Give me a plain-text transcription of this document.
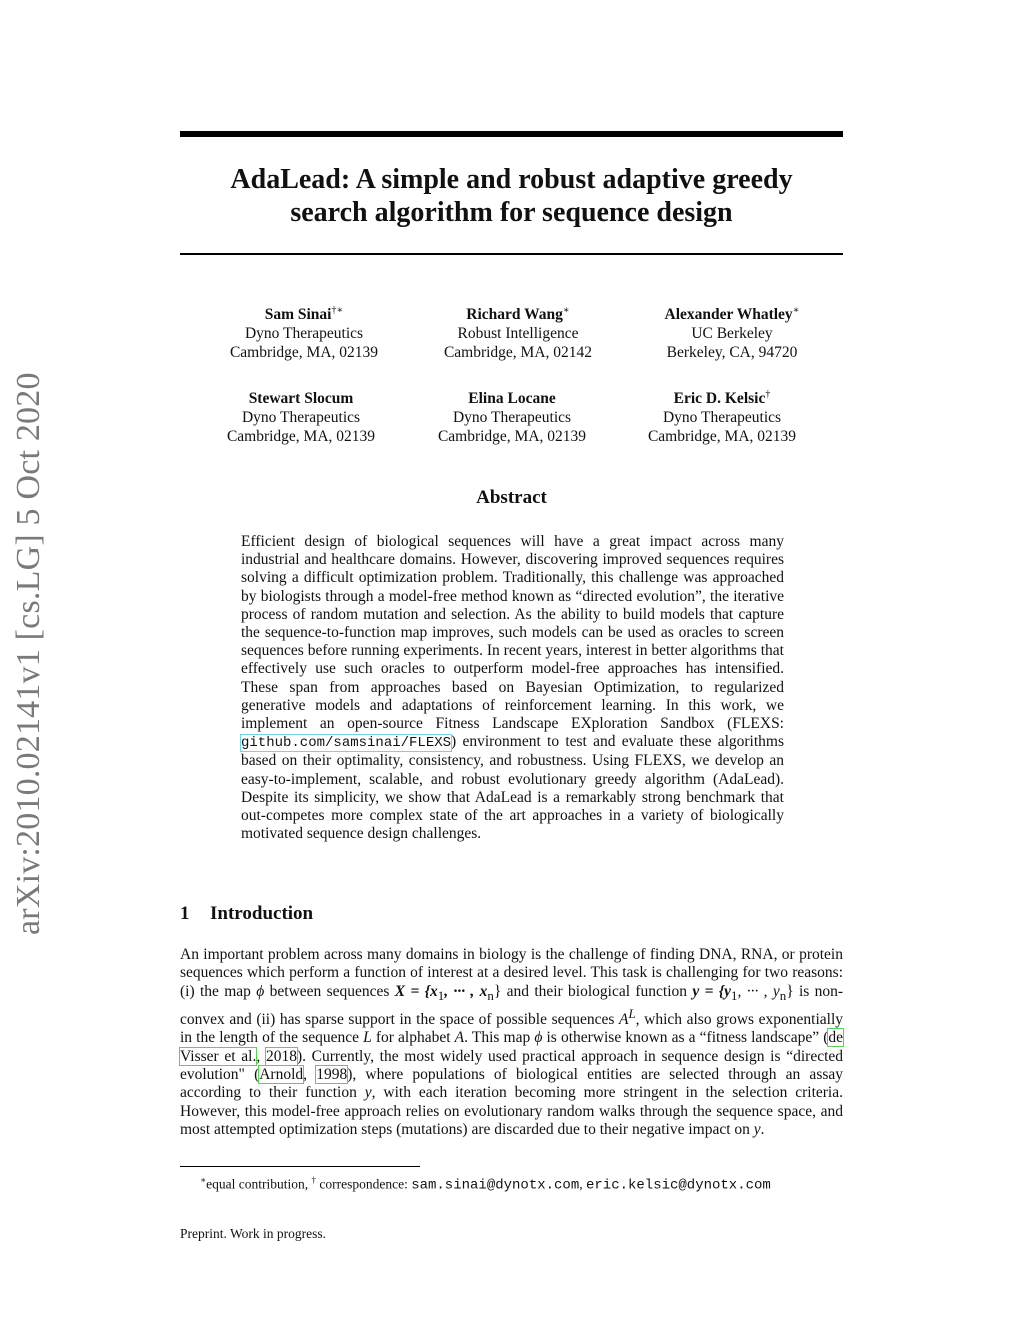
arXiv:2010.02141v1 [cs.LG] 5 Oct 2020
AdaLead: A simple and robust adaptive greedy
search algorithm for sequence design
Sam Sinai†∗
Dyno Therapeutics
Cambridge, MA, 02139
Richard Wang∗
Robust Intelligence
Cambridge, MA, 02142
Alexander Whatley∗
UC Berkeley
Berkeley, CA, 94720
Stewart Slocum
Dyno Therapeutics
Cambridge, MA, 02139
Elina Locane
Dyno Therapeutics
Cambridge, MA, 02139
Eric D. Kelsic†
Dyno Therapeutics
Cambridge, MA, 02139
Abstract
Efficient design of biological sequences will have a great impact across many industrial and healthcare domains. However, discovering improved sequences requires solving a difficult optimization problem. Traditionally, this challenge was approached by biologists through a model-free method known as “directed evolution”, the iterative process of random mutation and selection. As the ability to build models that capture the sequence-to-function map improves, such models can be used as oracles to screen sequences before running experiments. In recent years, interest in better algorithms that effectively use such oracles to outperform model-free approaches has intensified. These span from approaches based on Bayesian Optimization, to regularized generative models and adaptations of reinforcement learning. In this work, we implement an open-source Fitness Landscape EXploration Sandbox (FLEXS: github.com/samsinai/FLEXS) environment to test and evaluate these algorithms based on their optimality, consistency, and robustness. Using FLEXS, we develop an easy-to-implement, scalable, and robust evolutionary greedy algorithm (AdaLead). Despite its simplicity, we show that AdaLead is a remarkably strong benchmark that out-competes more complex state of the art approaches in a variety of biologically motivated sequence design challenges.
1 Introduction
An important problem across many domains in biology is the challenge of finding DNA, RNA, or protein sequences which perform a function of interest at a desired level. This task is challenging for two reasons: (i) the map ϕ between sequences $X = \{x_1$, ··· , $x_n$} and their biological function $y = \{y_1$, ··· , $y_n$} is non-convex and (ii) has sparse support in the space of possible sequences $A^L$, which also grows exponentially in the length of the sequence L for alphabet A. This map ϕ is otherwise known as a “fitness landscape” (de Visser et al., 2018). Currently, the most widely used practical approach in sequence design is “directed evolution" (Arnold, 1998), where populations of biological entities are selected through an assay according to their function y, with each iteration becoming more stringent in the selection criteria. However, this model-free approach relies on evolutionary random walks through the sequence space, and most attempted optimization steps (mutations) are discarded due to their negative impact on y.
∗equal contribution, † correspondence: sam.sinai@dynotx.com, eric.kelsic@dynotx.com
Preprint. Work in progress.
